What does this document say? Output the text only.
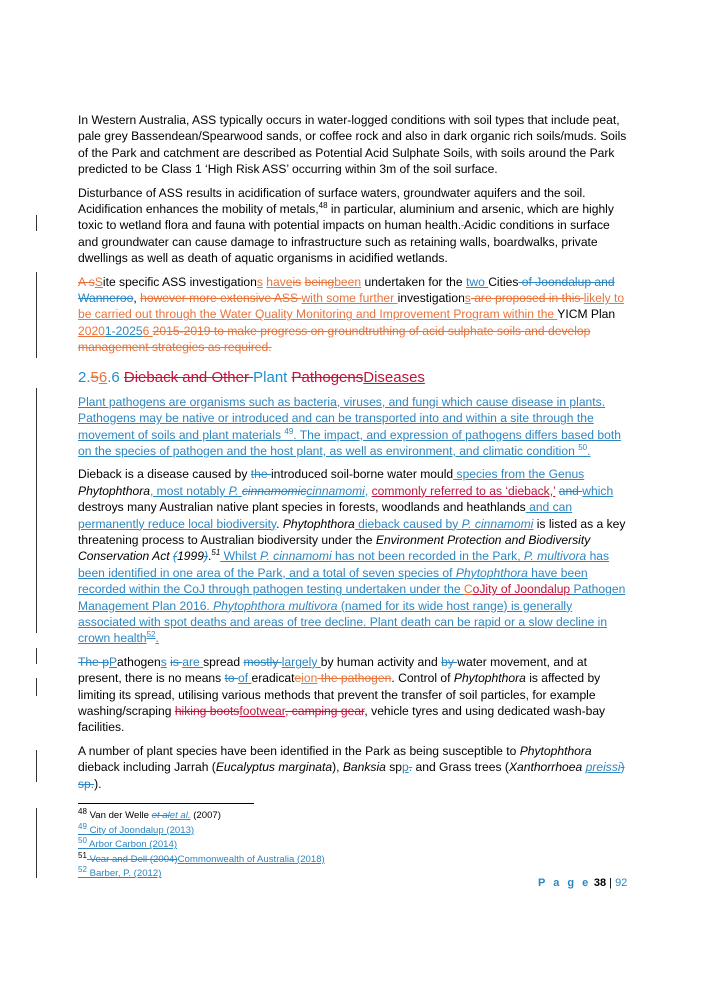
In Western Australia, ASS typically occurs in water-logged conditions with soil types that include peat, pale grey Bassendean/Spearwood sands, or coffee rock and also in dark organic rich soils/muds. Soils of the Park and catchment are described as Potential Acid Sulphate Soils, with soils around the Park predicted to be Class 1 ‘High Risk ASS’ occurring within 3m of the soil surface.

Disturbance of ASS results in acidification of surface waters, groundwater aquifers and the soil. Acidification enhances the mobility of metals,$^{48}$ in particular, aluminium and arsenic, which are highly toxic to wetland flora and fauna with potential impacts on human health. Acidic conditions in surface and groundwater can cause damage to infrastructure such as retaining walls, boardwalks, private dwellings as well as death of aquatic organisms in acidified wetlands.

A sSite specific ASS investigations haveis beingbeen undertaken for the two Cities of Joondalup and Wanneroo, however more extensive ASS with some further investigations are proposed in this likely to be carried out through the Water Quality Monitoring and Improvement Program within the YICM Plan 20201-20256 2015-2019 to make progress on groundtruthing of acid sulphate soils and develop management strategies as required.

2.56.6 Dieback and Other Plant PathogensDiseases

Plant pathogens are organisms such as bacteria, viruses, and fungi which cause disease in plants. Pathogens may be native or introduced and can be transported into and within a site through the movement of soils and plant materials $^{49}$. The impact, and expression of pathogens differs based both on the species of pathogen and the host plant, as well as environment, and climatic condition $^{50}$.

Dieback is a disease caused by the introduced soil-borne water mould species from the Genus Phytophthora, most notably P. cinnamomiccinnamomi, commonly referred to as ‘dieback,’ and which destroys many Australian native plant species in forests, woodlands and heathlands and can permanently reduce local biodiversity. Phytophthora dieback caused by P. cinnamomi is listed as a key threatening process to Australian biodiversity under the Environment Protection and Biodiversity Conservation Act (1999).$^{51}$ Whilst P. cinnamomi has not been recorded in the Park, P. multivora has been identified in one area of the Park, and a total of seven species of Phytophthora have been recorded within the CoJ through pathogen testing undertaken under the CoJity of Joondalup Pathogen Management Plan 2016. Phytophthora multivora (named for its wide host range) is generally associated with spot deaths and areas of tree decline. Plant death can be rapid or a slow decline in crown health$^{52}$.

The pPathogens is are spread mostly largely by human activity and by water movement, and at present, there is no means to of eradicateion the pathogen. Control of Phytophthora is affected by limiting its spread, utilising various methods that prevent the transfer of soil particles, for example washing/scraping hiking bootsfootwear, camping gear, vehicle tyres and using dedicated wash-bay facilities.

A number of plant species have been identified in the Park as being susceptible to Phytophthora dieback including Jarrah (Eucalyptus marginata), Banksia spp. and Grass trees (Xanthorrhoea preissi) sp.).

$^{48}$ Van der Welle et alet al. (2007)
$^{49}$ City of Joondalup (2013)
$^{50}$ Arbor Carbon (2014)
$^{51}$ Vear and Dell (2004)Commonwealth of Australia (2018)
$^{52}$ Barber, P. (2012)
P a g e 38 | 92
